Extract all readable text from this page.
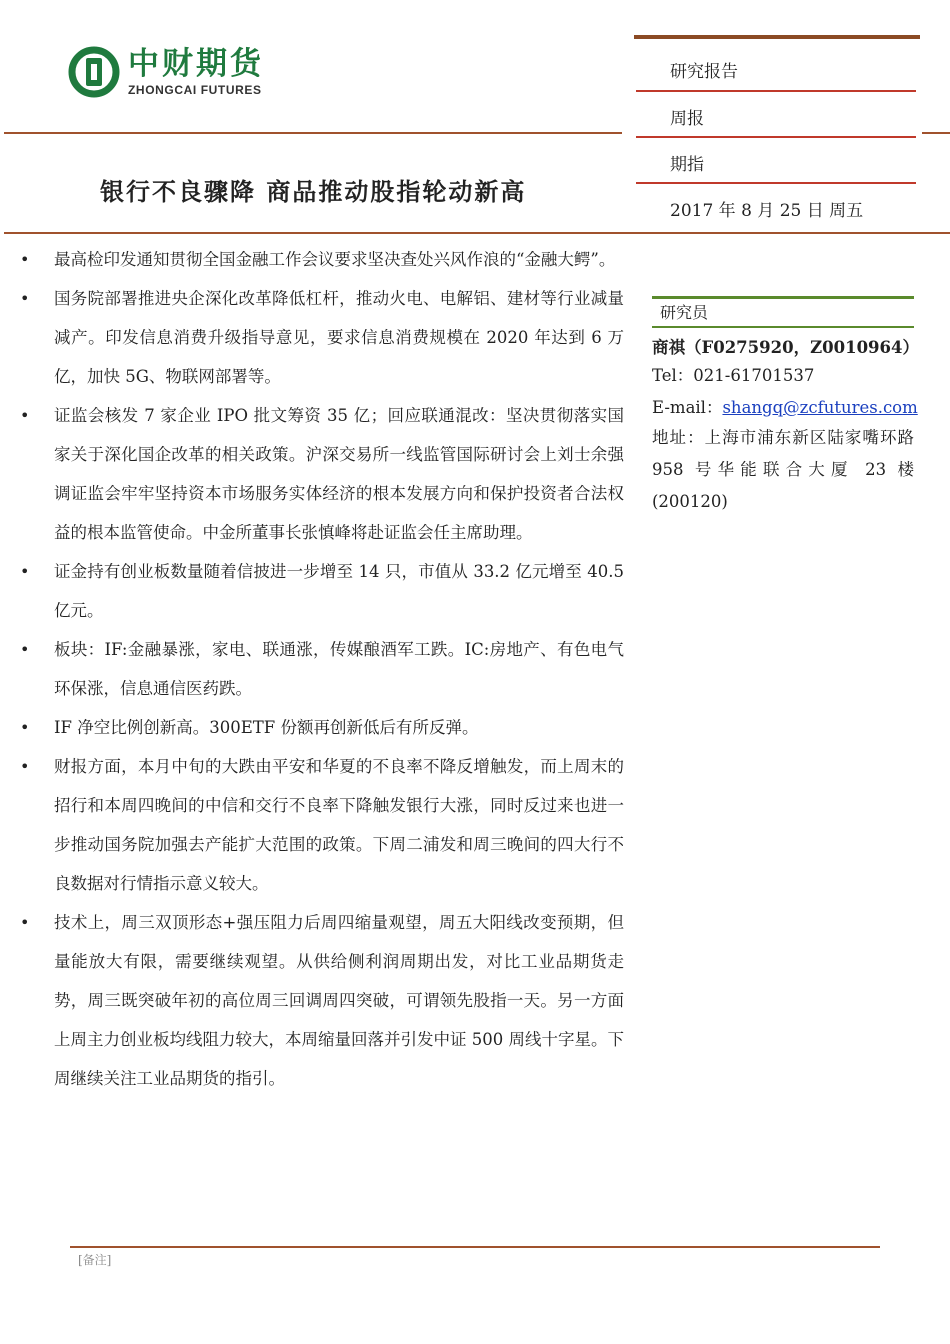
中财期货
ZHONGCAI FUTURES
研究报告
周报
期指
2017 年 8 月 25 日 周五
银行不良骤降 商品推动股指轮动新高
• 最高检印发通知贯彻全国金融工作会议要求坚决查处兴风作浪的“金融大鳄”。
• 国务院部署推进央企深化改革降低杠杆，推动火电、电解铝、建材等行业减量减产。印发信息消费升级指导意见，要求信息消费规模在 2020 年达到 6 万亿，加快 5G、物联网部署等。
• 证监会核发 7 家企业 IPO 批文筹资 35 亿；回应联通混改：坚决贯彻落实国家关于深化国企改革的相关政策。沪深交易所一线监管国际研讨会上刘士余强调证监会牢牢坚持资本市场服务实体经济的根本发展方向和保护投资者合法权益的根本监管使命。中金所董事长张慎峰将赴证监会任主席助理。
• 证金持有创业板数量随着信披进一步增至 14 只，市值从 33.2 亿元增至 40.5 亿元。
• 板块：IF:金融暴涨，家电、联通涨，传媒酿酒军工跌。IC:房地产、有色电气环保涨，信息通信医药跌。
• IF 净空比例创新高。300ETF 份额再创新低后有所反弹。
• 财报方面，本月中旬的大跌由平安和华夏的不良率不降反增触发，而上周末的招行和本周四晚间的中信和交行不良率下降触发银行大涨，同时反过来也进一步推动国务院加强去产能扩大范围的政策。下周二浦发和周三晚间的四大行不良数据对行情指示意义较大。
• 技术上，周三双顶形态+强压阻力后周四缩量观望，周五大阳线改变预期，但量能放大有限，需要继续观望。从供给侧利润周期出发，对比工业品期货走势，周三既突破年初的高位周三回调周四突破，可谓领先股指一天。另一方面上周主力创业板均线阻力较大，本周缩量回落并引发中证 500 周线十字星。下周继续关注工业品期货的指引。
研究员
商祺（F0275920，Z0010964）
Tel：021-61701537
E-mail：shangq@zcfutures.com
地址：上海市浦东新区陆家嘴环路 958 号华能联合大厦 23 楼 (200120)
[备注]
